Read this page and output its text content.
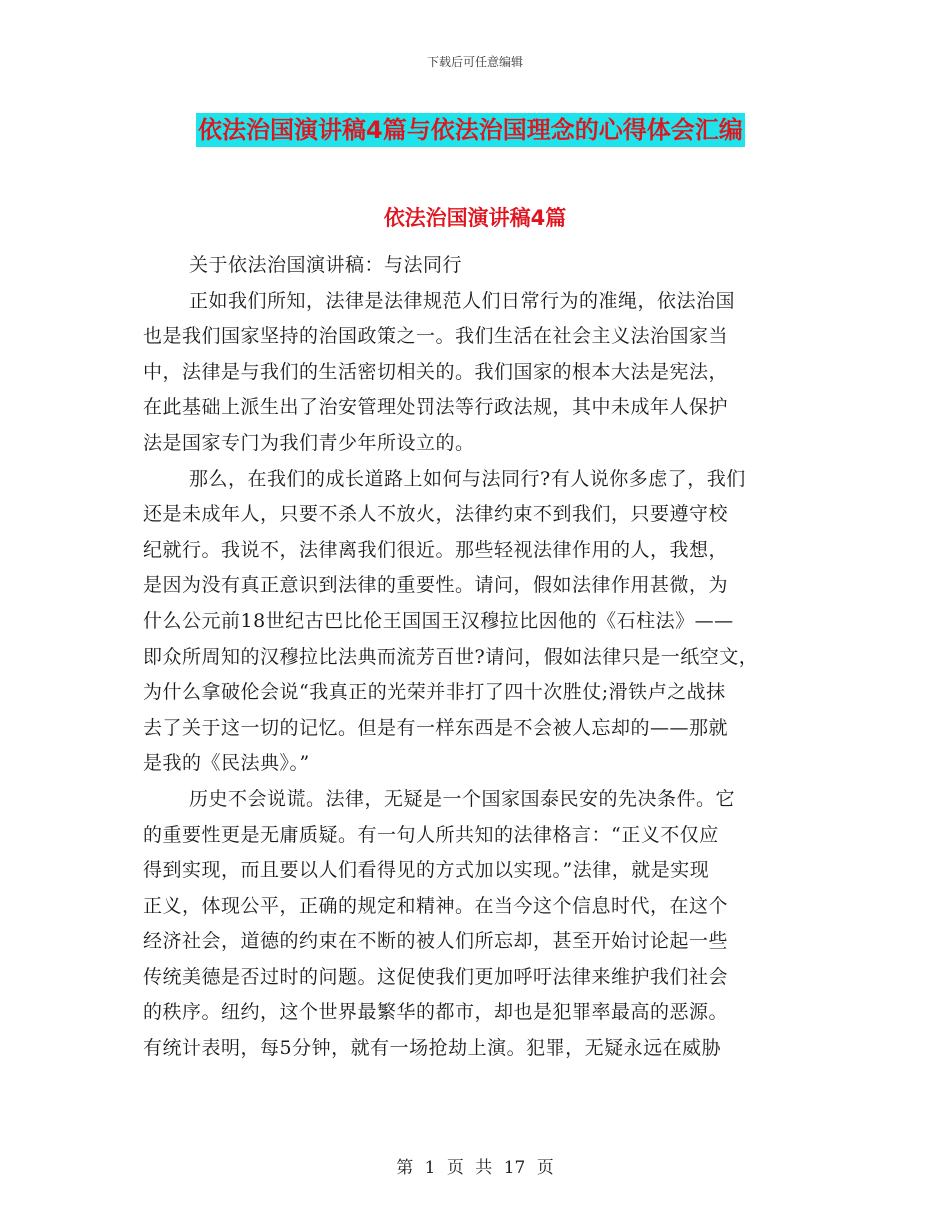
下载后可任意编辑
依法治国演讲稿4篇与依法治国理念的心得体会汇编
依法治国演讲稿4篇
关于依法治国演讲稿：与法同行
正如我们所知，法律是法律规范人们日常行为的准绳，依法治国
也是我们国家坚持的治国政策之一。我们生活在社会主义法治国家当
中，法律是与我们的生活密切相关的。我们国家的根本大法是宪法，
在此基础上派生出了治安管理处罚法等行政法规，其中未成年人保护
法是国家专门为我们青少年所设立的。
那么，在我们的成长道路上如何与法同行?有人说你多虑了，我们
还是未成年人，只要不杀人不放火，法律约束不到我们，只要遵守校
纪就行。我说不，法律离我们很近。那些轻视法律作用的人，我想，
是因为没有真正意识到法律的重要性。请问，假如法律作用甚微，为
什么公元前18世纪古巴比伦王国国王汉穆拉比因他的《石柱法》——
即众所周知的汉穆拉比法典而流芳百世?请问，假如法律只是一纸空文，
为什么拿破伦会说“我真正的光荣并非打了四十次胜仗;滑铁卢之战抹
去了关于这一切的记忆。但是有一样东西是不会被人忘却的——那就
是我的《民法典》。”
历史不会说谎。法律，无疑是一个国家国泰民安的先决条件。它
的重要性更是无庸质疑。有一句人所共知的法律格言：“正义不仅应
得到实现，而且要以人们看得见的方式加以实现。”法律，就是实现
正义，体现公平，正确的规定和精神。在当今这个信息时代，在这个
经济社会，道德的约束在不断的被人们所忘却，甚至开始讨论起一些
传统美德是否过时的问题。这促使我们更加呼吁法律来维护我们社会
的秩序。纽约，这个世界最繁华的都市，却也是犯罪率最高的恶源。
有统计表明，每5分钟，就有一场抢劫上演。犯罪，无疑永远在威胁
第 1 页 共 17 页
